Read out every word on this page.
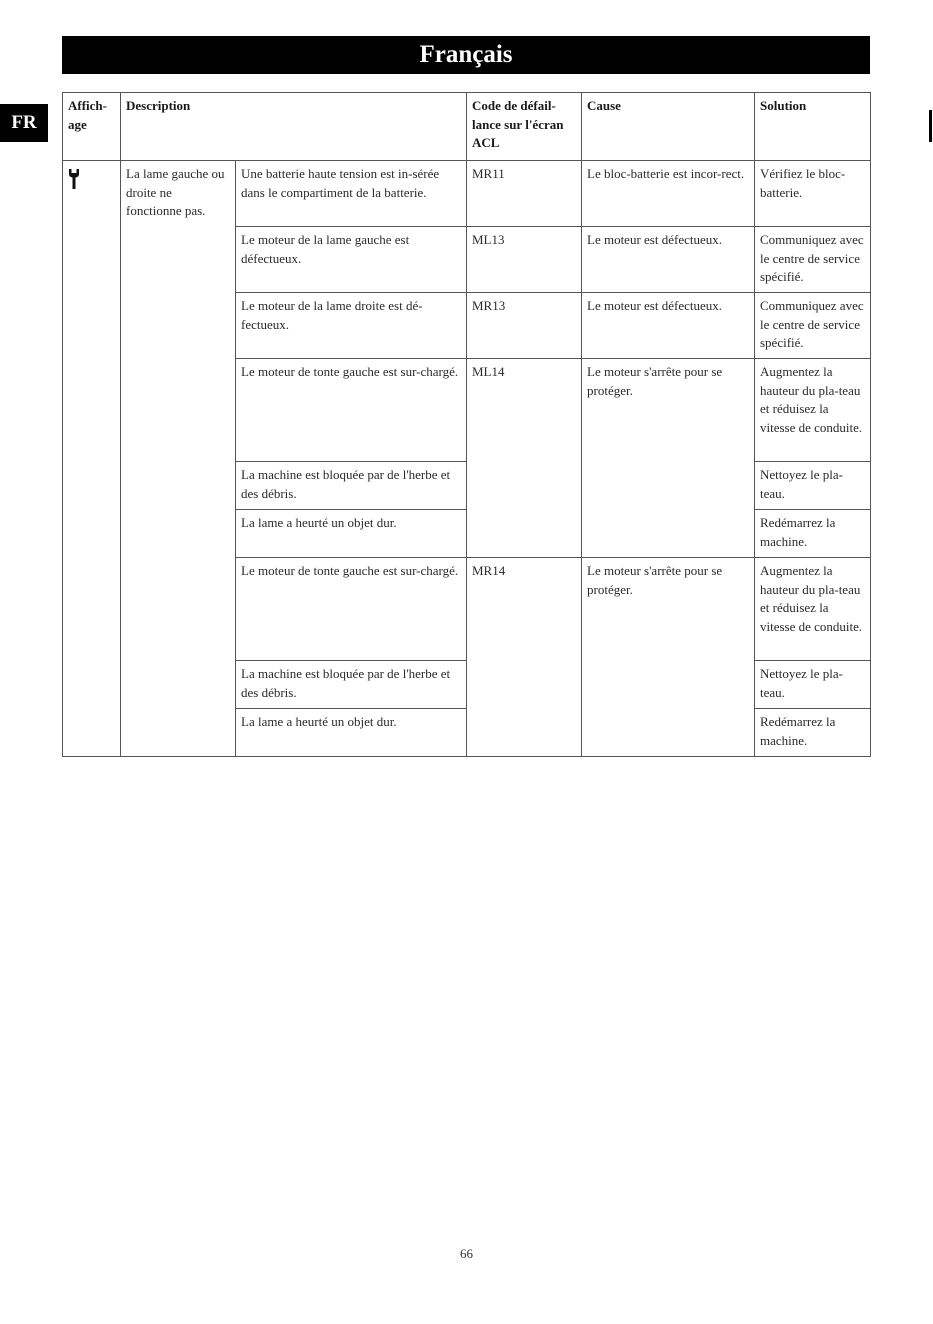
Français
FR
Affich-age	Description		Code de défail-lance sur l'écran ACL	Cause	Solution
	La lame gauche ou droite ne fonctionne pas.	Une batterie haute tension est in-sérée dans le compartiment de la batterie.	MR11	Le bloc-batterie est incor-rect.	Vérifiez le bloc-batterie.
		Le moteur de la lame gauche est défectueux.	ML13	Le moteur est défectueux.	Communiquez avec le centre de service spécifié.
		Le moteur de la lame droite est dé-fectueux.	MR13	Le moteur est défectueux.	Communiquez avec le centre de service spécifié.
		Le moteur de tonte gauche est sur-chargé.	ML14	Le moteur s'arrête pour se protéger.	Augmentez la hauteur du pla-teau et réduisez la vitesse de conduite.
		La machine est bloquée par de l'herbe et des débris.			Nettoyez le pla-teau.
		La lame a heurté un objet dur.			Redémarrez la machine.
		Le moteur de tonte gauche est sur-chargé.	MR14	Le moteur s'arrête pour se protéger.	Augmentez la hauteur du pla-teau et réduisez la vitesse de conduite.
		La machine est bloquée par de l'herbe et des débris.			Nettoyez le pla-teau.
		La lame a heurté un objet dur.			Redémarrez la machine.
66
